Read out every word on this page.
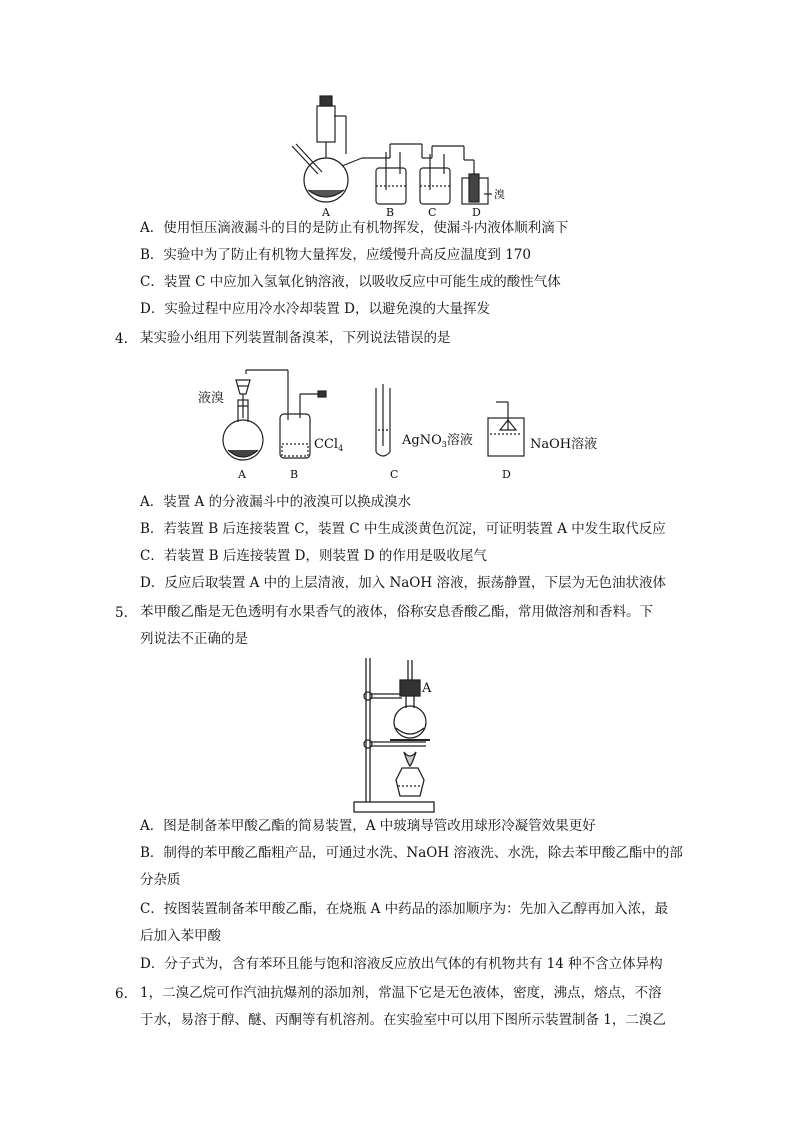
A	B	C	D
溴
A．使用恒压滴液漏斗的目的是防止有机物挥发，使漏斗内液体顺利滴下
B．实验中为了防止有机物大量挥发，应缓慢升高反应温度到 170
C．装置 C 中应加入氢氧化钠溶液，以吸收反应中可能生成的酸性气体
D．实验过程中应用冷水冷却装置 D，以避免溴的大量挥发
4. 某实验小组用下列装置制备溴苯，下列说法错误的是
液溴
CCl$_4$
AgNO$_3$溶液	NaOH溶液
A	B	C	D
A．装置 A 的分液漏斗中的液溴可以换成溴水
B．若装置 B 后连接装置 C，装置 C 中生成淡黄色沉淀，可证明装置 A 中发生取代反应
C．若装置 B 后连接装置 D，则装置 D 的作用是吸收尾气
D．反应后取装置 A 中的上层清液，加入 NaOH 溶液，振荡静置，下层为无色油状液体
5. 苯甲酸乙酯是无色透明有水果香气的液体，俗称安息香酸乙酯，常用做溶剂和香料。下
列说法不正确的是
A
A．图是制备苯甲酸乙酯的简易装置，A 中玻璃导管改用球形冷凝管效果更好
B．制得的苯甲酸乙酯粗产品，可通过水洗、NaOH 溶液洗、水洗，除去苯甲酸乙酯中的部
分杂质
C．按图装置制备苯甲酸乙酯，在烧瓶 A 中药品的添加顺序为：先加入乙醇再加入浓，最
后加入苯甲酸
D．分子式为，含有苯环且能与饱和溶液反应放出气体的有机物共有 14 种不含立体异构
6. 1，二溴乙烷可作汽油抗爆剂的添加剂，常温下它是无色液体，密度，沸点，熔点，不溶
于水，易溶于醇、醚、丙酮等有机溶剂。在实验室中可以用下图所示装置制备 1，二溴乙
